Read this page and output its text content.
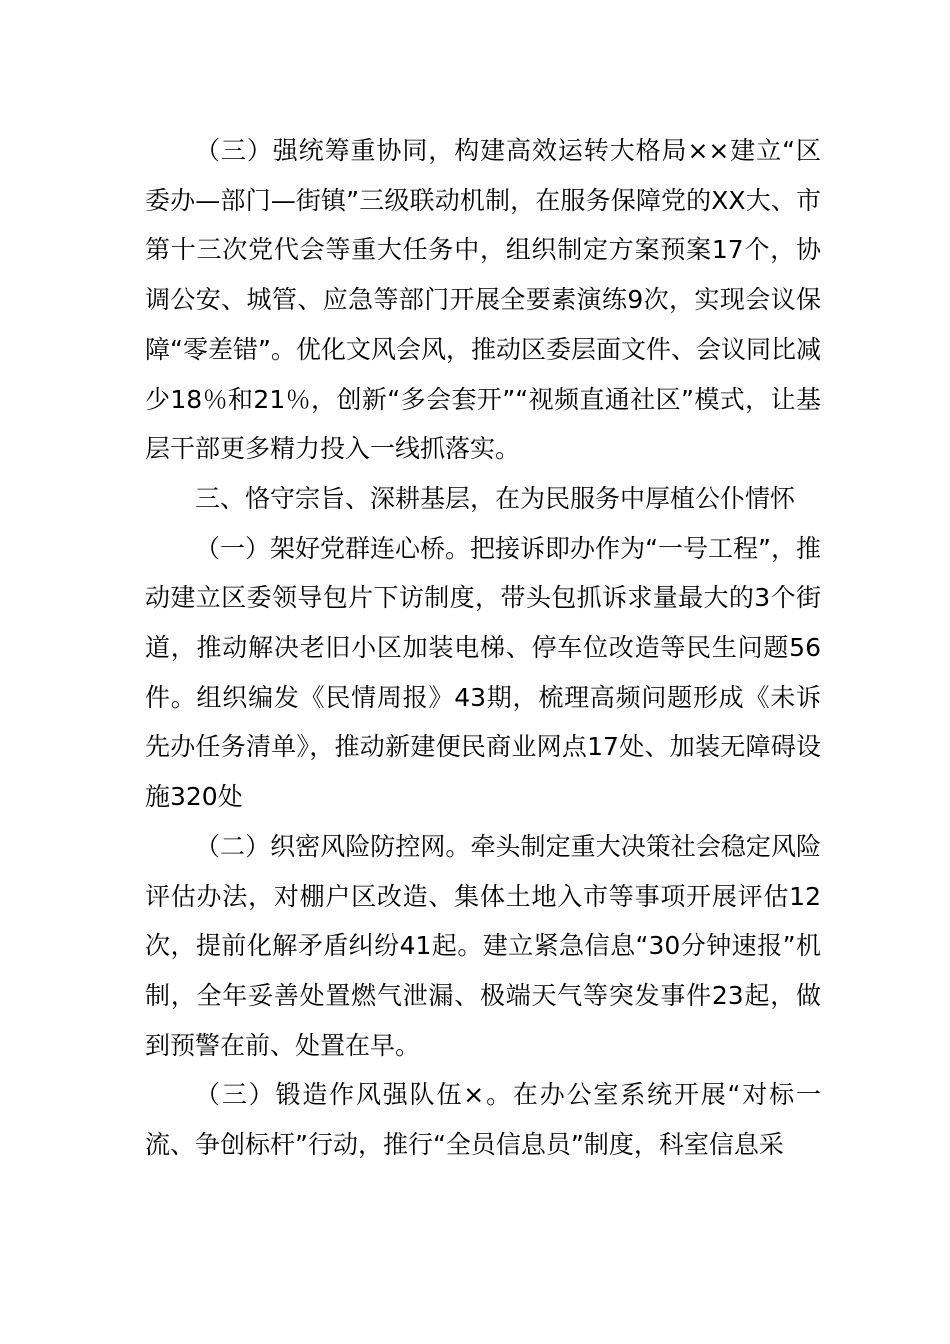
（三）强统筹重协同，构建高效运转大格局××建立“区委办—部门—街镇”三级联动机制，在服务保障党的XX大、市第十三次党代会等重大任务中，组织制定方案预案17个，协调公安、城管、应急等部门开展全要素演练9次，实现会议保障“零差错”。优化文风会风，推动区委层面文件、会议同比减少18％和21％，创新“多会套开”“视频直通社区”模式，让基层干部更多精力投入一线抓落实。

三、恪守宗旨、深耕基层，在为民服务中厚植公仆情怀

（一）架好党群连心桥。把接诉即办作为“一号工程”，推动建立区委领导包片下访制度，带头包抓诉求量最大的3个街道，推动解决老旧小区加装电梯、停车位改造等民生问题56件。组织编发《民情周报》43期，梳理高频问题形成《未诉先办任务清单》，推动新建便民商业网点17处、加装无障碍设施320处

（二）织密风险防控网。牵头制定重大决策社会稳定风险评估办法，对棚户区改造、集体土地入市等事项开展评估12次，提前化解矛盾纠纷41起。建立紧急信息“30分钟速报”机制，全年妥善处置燃气泄漏、极端天气等突发事件23起，做到预警在前、处置在早。

（三）锻造作风强队伍×。在办公室系统开展“对标一流、争创标杆”行动，推行“全员信息员”制度，科室信息采
